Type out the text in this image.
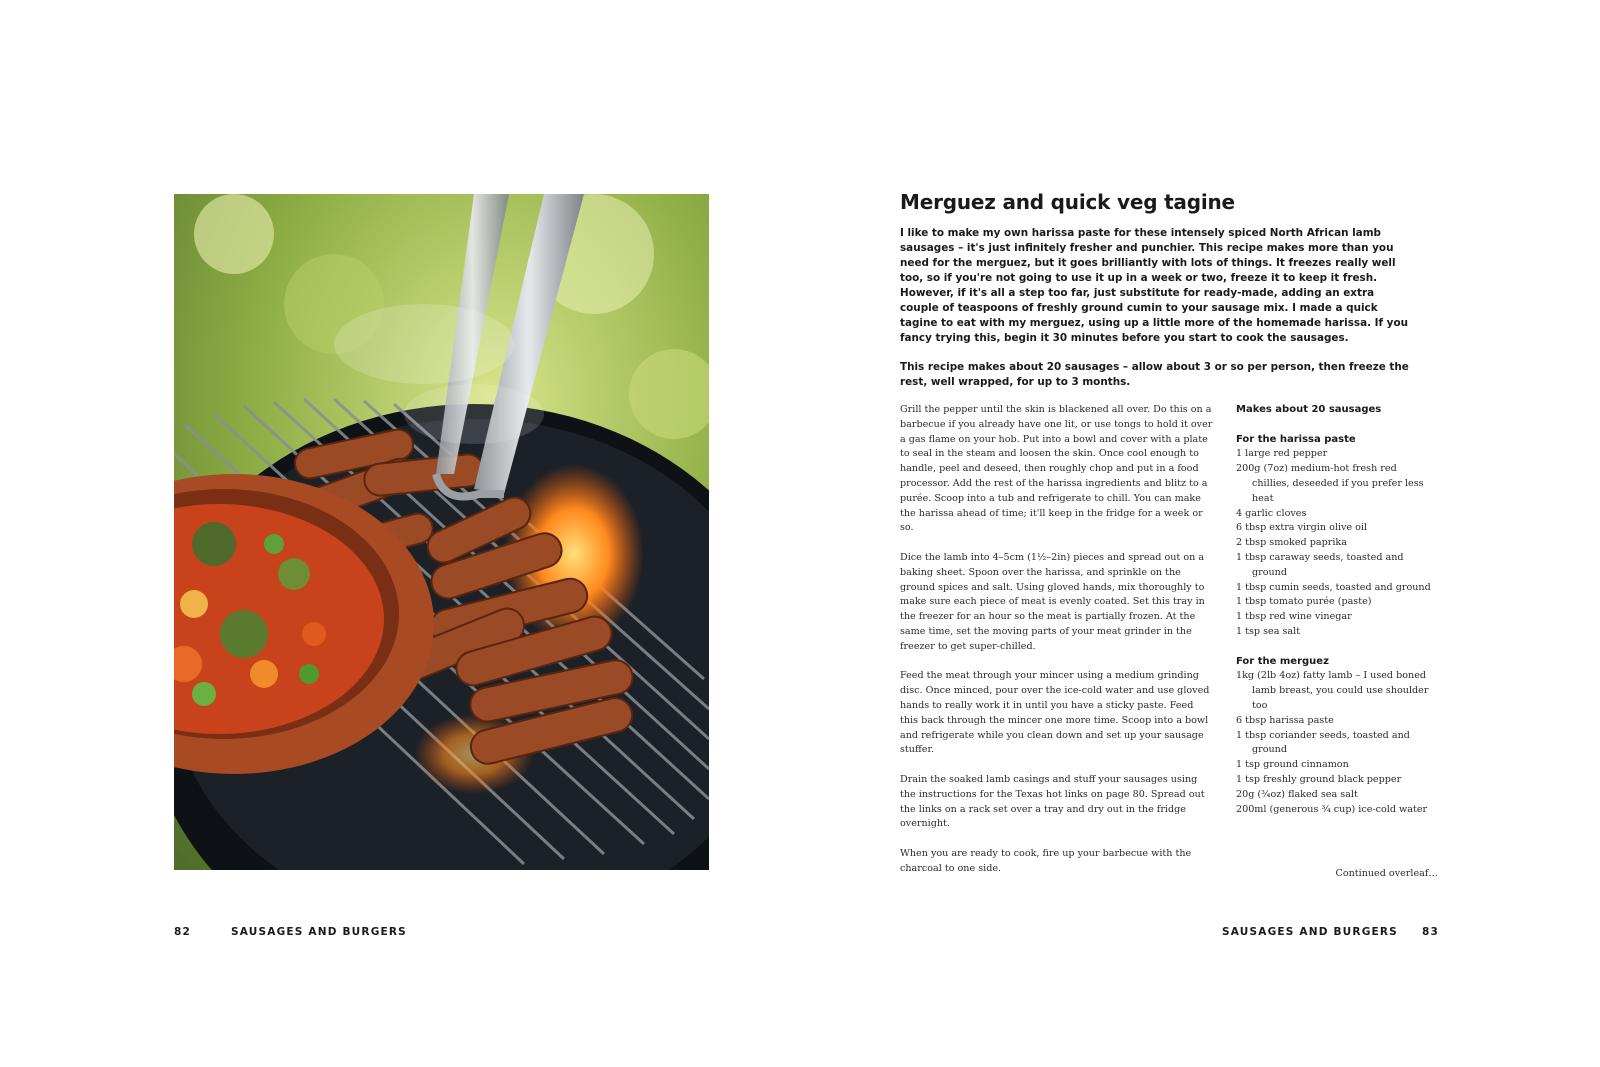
82	SAUSAGES AND BURGERS
Merguez and quick veg tagine

I like to make my own harissa paste for these intensely spiced North African lamb sausages – it's just infinitely fresher and punchier. This recipe makes more than you need for the merguez, but it goes brilliantly with lots of things. It freezes really well too, so if you're not going to use it up in a week or two, freeze it to keep it fresh. However, if it's all a step too far, just substitute for ready-made, adding an extra couple of teaspoons of freshly ground cumin to your sausage mix. I made a quick tagine to eat with my merguez, using up a little more of the homemade harissa. If you fancy trying this, begin it 30 minutes before you start to cook the sausages.

This recipe makes about 20 sausages – allow about 3 or so per person, then freeze the rest, well wrapped, for up to 3 months.

Grill the pepper until the skin is blackened all over. Do this on a barbecue if you already have one lit, or use tongs to hold it over a gas flame on your hob. Put into a bowl and cover with a plate to seal in the steam and loosen the skin. Once cool enough to handle, peel and deseed, then roughly chop and put in a food processor. Add the rest of the harissa ingredients and blitz to a purée. Scoop into a tub and refrigerate to chill. You can make the harissa ahead of time; it'll keep in the fridge for a week or so.

Dice the lamb into 4–5cm (1½–2in) pieces and spread out on a baking sheet. Spoon over the harissa, and sprinkle on the ground spices and salt. Using gloved hands, mix thoroughly to make sure each piece of meat is evenly coated. Set this tray in the freezer for an hour so the meat is partially frozen. At the same time, set the moving parts of your meat grinder in the freezer to get super-chilled.

Feed the meat through your mincer using a medium grinding disc. Once minced, pour over the ice-cold water and use gloved hands to really work it in until you have a sticky paste. Feed this back through the mincer one more time. Scoop into a bowl and refrigerate while you clean down and set up your sausage stuffer.

Drain the soaked lamb casings and stuff your sausages using the instructions for the Texas hot links on page 80. Spread out the links on a rack set over a tray and dry out in the fridge overnight.

When you are ready to cook, fire up your barbecue with the charcoal to one side.

Makes about 20 sausages

For the harissa paste

1 large red pepper
200g (7oz) medium-hot fresh red chillies, deseeded if you prefer less heat
4 garlic cloves
6 tbsp extra virgin olive oil
2 tbsp smoked paprika
1 tbsp caraway seeds, toasted and ground
1 tbsp cumin seeds, toasted and ground
1 tbsp tomato purée (paste)
1 tbsp red wine vinegar
1 tsp sea salt

For the merguez

1kg (2lb 4oz) fatty lamb – I used boned lamb breast, you could use shoulder too
6 tbsp harissa paste
1 tbsp coriander seeds, toasted and ground
1 tsp ground cinnamon
1 tsp freshly ground black pepper
20g (¾oz) flaked sea salt
200ml (generous ¾ cup) ice-cold water
Continued overleaf…
SAUSAGES AND BURGERS 83
